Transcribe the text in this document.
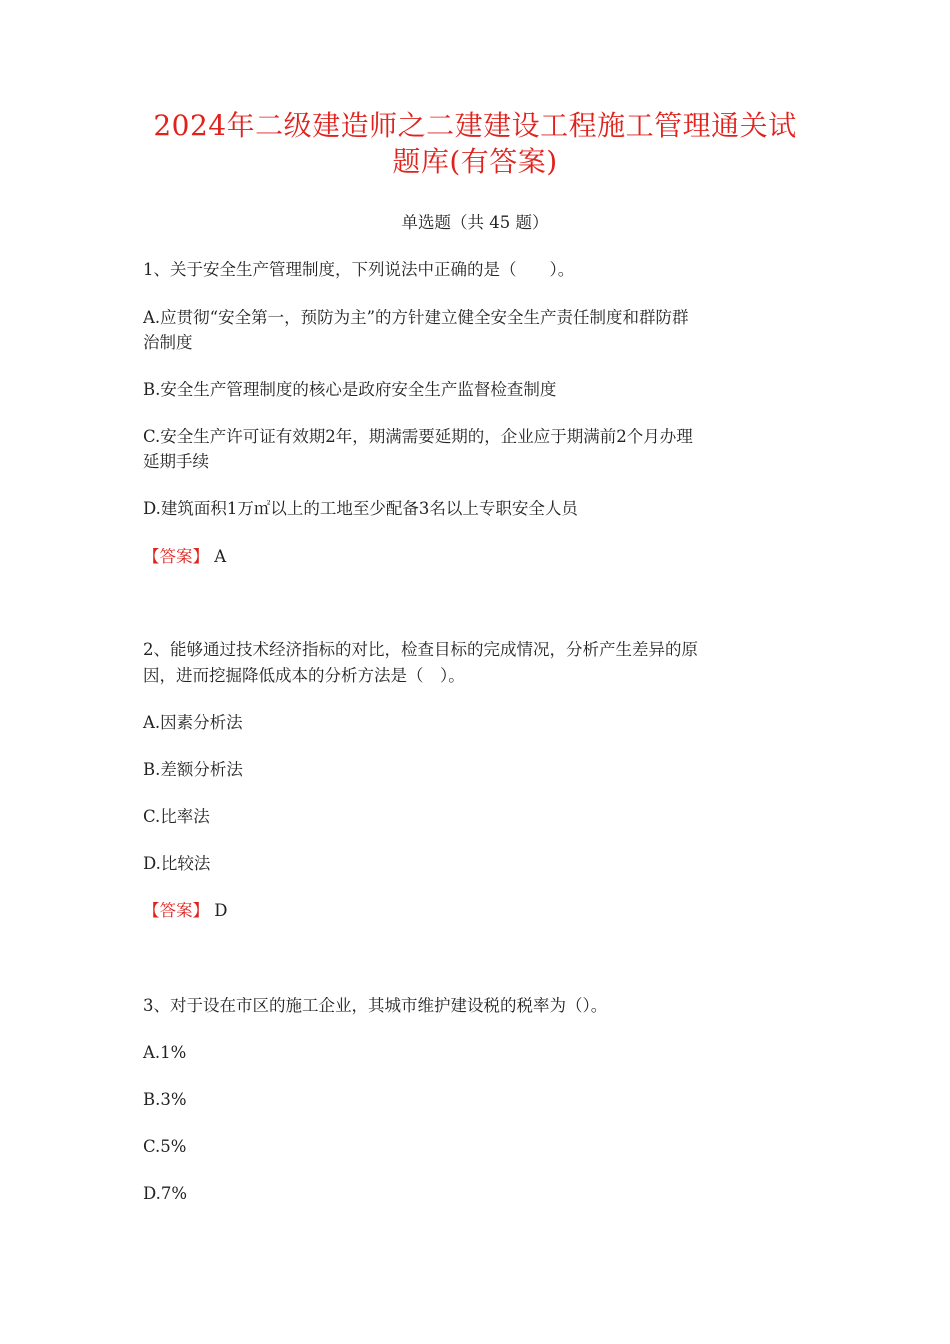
2024年二级建造师之二建建设工程施工管理通关试
题库(有答案)
单选题（共 45 题）
1、关于安全生产管理制度，下列说法中正确的是（　　）。
A.应贯彻“安全第一，预防为主”的方针建立健全安全生产责任制度和群防群
治制度
B.安全生产管理制度的核心是政府安全生产监督检查制度
C.安全生产许可证有效期2年，期满需要延期的，企业应于期满前2个月办理
延期手续
D.建筑面积1万㎡以上的工地至少配备3名以上专职安全人员
【答案】 A
2、能够通过技术经济指标的对比，检查目标的完成情况，分析产生差异的原
因，进而挖掘降低成本的分析方法是（　）。
A.因素分析法
B.差额分析法
C.比率法
D.比较法
【答案】 D
3、对于设在市区的施工企业，其城市维护建设税的税率为（）。
A.1%
B.3%
C.5%
D.7%
